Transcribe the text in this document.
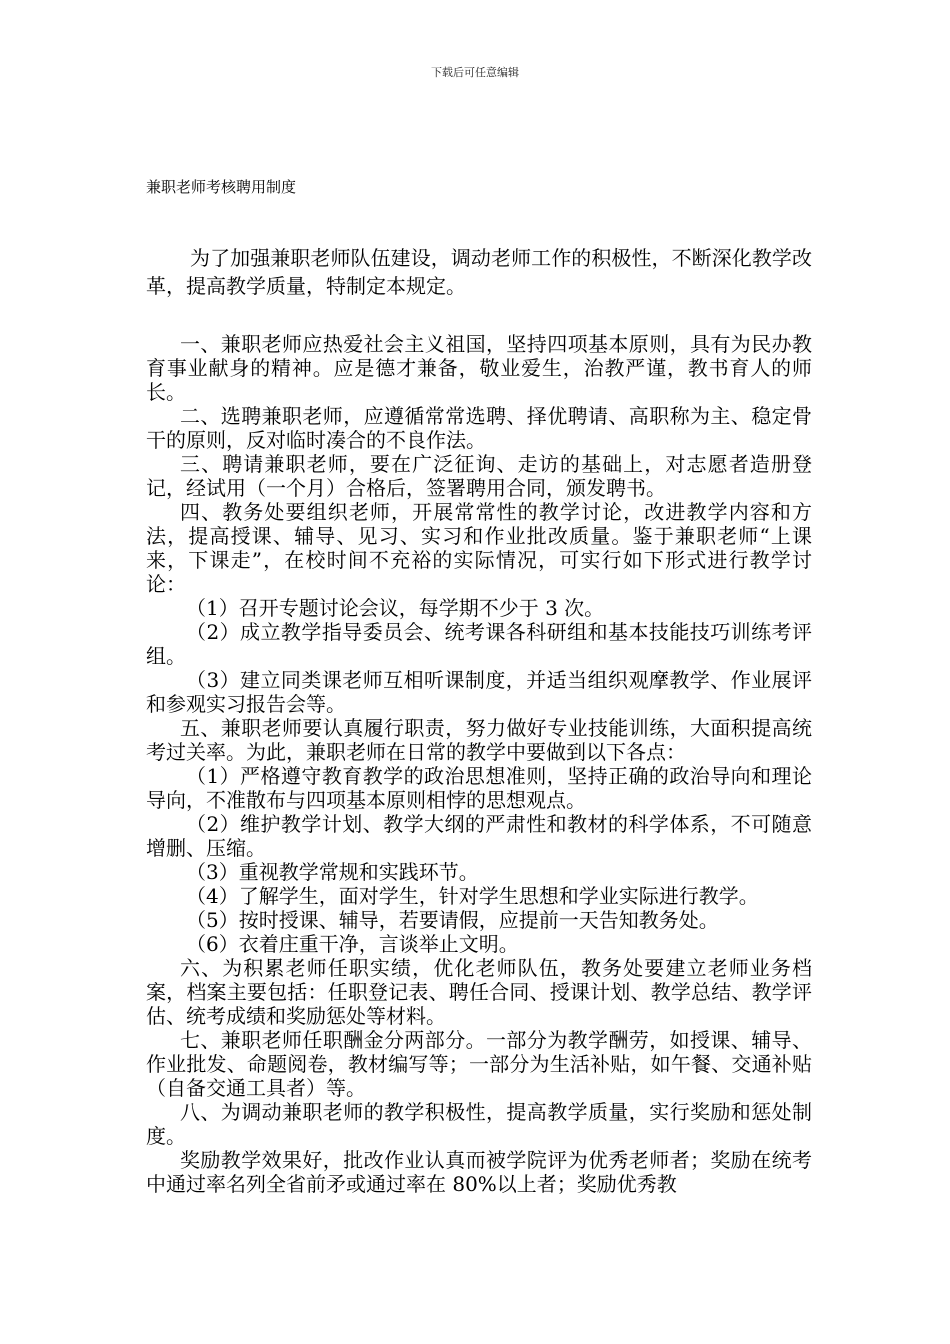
下载后可任意编辑
兼职老师考核聘用制度

为了加强兼职老师队伍建设，调动老师工作的积极性，不断深化教学改革，提高教学质量，特制定本规定。

一、兼职老师应热爱社会主义祖国，坚持四项基本原则，具有为民办教育事业献身的精神。应是德才兼备，敬业爱生，治教严谨，教书育人的师长。

二、选聘兼职老师，应遵循常常选聘、择优聘请、高职称为主、稳定骨干的原则，反对临时凑合的不良作法。

三、聘请兼职老师，要在广泛征询、走访的基础上，对志愿者造册登记，经试用（一个月）合格后，签署聘用合同，颁发聘书。

四、教务处要组织老师，开展常常性的教学讨论，改进教学内容和方法，提高授课、辅导、见习、实习和作业批改质量。鉴于兼职老师“上课来，下课走”，在校时间不充裕的实际情况，可实行如下形式进行教学讨论：

（1）召开专题讨论会议，每学期不少于 3 次。

（2）成立教学指导委员会、统考课各科研组和基本技能技巧训练考评组。

（3）建立同类课老师互相听课制度，并适当组织观摩教学、作业展评和参观实习报告会等。

五、兼职老师要认真履行职责，努力做好专业技能训练，大面积提高统考过关率。为此，兼职老师在日常的教学中要做到以下各点：

（1）严格遵守教育教学的政治思想准则，坚持正确的政治导向和理论导向，不准散布与四项基本原则相悖的思想观点。

（2）维护教学计划、教学大纲的严肃性和教材的科学体系，不可随意增删、压缩。

（3）重视教学常规和实践环节。

（4）了解学生，面对学生，针对学生思想和学业实际进行教学。

（5）按时授课、辅导，若要请假，应提前一天告知教务处。

（6）衣着庄重干净，言谈举止文明。

六、为积累老师任职实绩，优化老师队伍，教务处要建立老师业务档案，档案主要包括：任职登记表、聘任合同、授课计划、教学总结、教学评估、统考成绩和奖励惩处等材料。

七、兼职老师任职酬金分两部分。一部分为教学酬劳，如授课、辅导、作业批发、命题阅卷，教材编写等；一部分为生活补贴，如午餐、交通补贴（自备交通工具者）等。

八、为调动兼职老师的教学积极性，提高教学质量，实行奖励和惩处制度。

奖励教学效果好，批改作业认真而被学院评为优秀老师者；奖励在统考中通过率名列全省前矛或通过率在 80%以上者；奖励优秀教
